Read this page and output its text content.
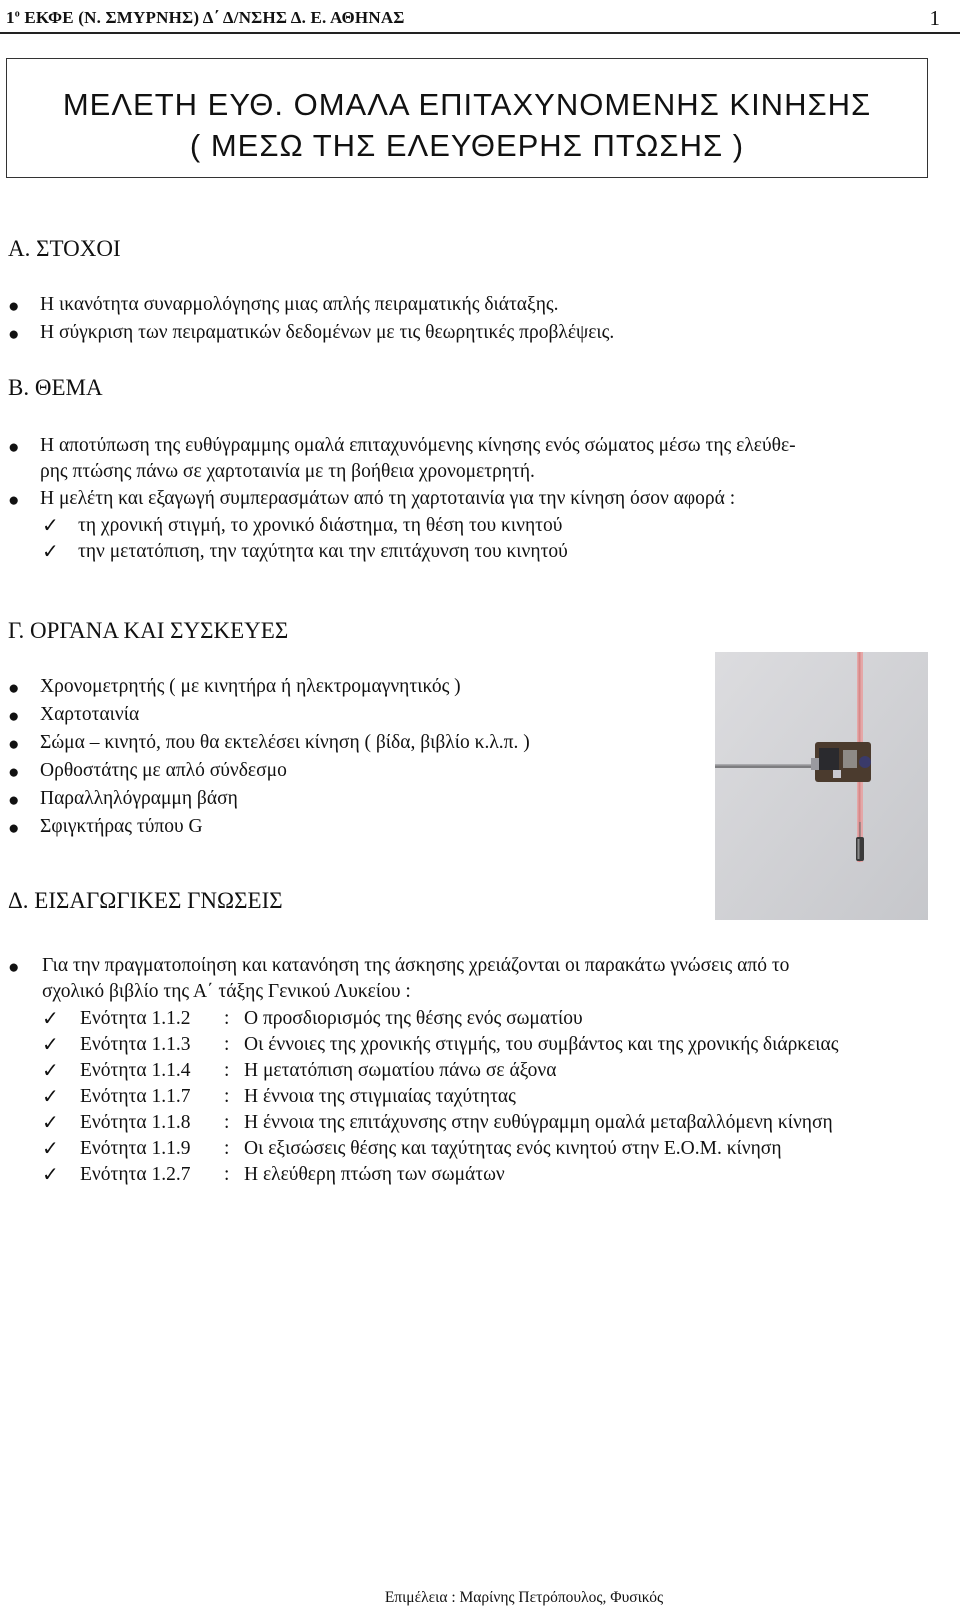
$1^o$ ΕΚΦΕ (Ν. ΣΜΥΡΝΗΣ) Δ΄ Δ/ΝΣΗΣ Δ. Ε. ΑΘΗΝΑΣ	1
ΜΕΛΕΤΗ ΕΥΘ. ΟΜΑΛΑ ΕΠΙΤΑΧΥΝΟΜΕΝΗΣ ΚΙΝΗΣΗΣ
( ΜΕΣΩ ΤΗΣ ΕΛΕΥΘΕΡΗΣ ΠΤΩΣΗΣ )
Α. ΣΤΟΧΟΙ
● Η ικανότητα συναρμολόγησης μιας απλής πειραματικής διάταξης.
● Η σύγκριση των πειραματικών δεδομένων με τις θεωρητικές προβλέψεις.
Β. ΘΕΜΑ
● Η αποτύπωση της ευθύγραμμης ομαλά επιταχυνόμενης κίνησης ενός σώματος μέσω της ελεύθε-
ρης πτώσης πάνω σε χαρτοταινία με τη βοήθεια χρονομετρητή.
● Η μελέτη και εξαγωγή συμπερασμάτων από τη χαρτοταινία για την κίνηση όσον αφορά :
✓ τη χρονική στιγμή, το χρονικό διάστημα, τη θέση του κινητού
✓ την μετατόπιση, την ταχύτητα και την επιτάχυνση του κινητού
Γ. ΟΡΓΑΝΑ ΚΑΙ ΣΥΣΚΕΥΕΣ
● Χρονομετρητής ( με κινητήρα ή ηλεκτρομαγνητικός )
● Χαρτοταινία
● Σώμα – κινητό, που θα εκτελέσει κίνηση ( βίδα, βιβλίο κ.λ.π. )
● Ορθοστάτης με απλό σύνδεσμο
● Παραλληλόγραμμη βάση
● Σφιγκτήρας τύπου G
Δ. ΕΙΣΑΓΩΓΙΚΕΣ ΓΝΩΣΕΙΣ
● Για την πραγματοποίηση και κατανόηση της άσκησης χρειάζονται οι παρακάτω γνώσεις από το
σχολικό βιβλίο της Α΄ τάξης Γενικού Λυκείου :
✓ Ενότητα 1.1.2 : Ο προσδιορισμός της θέσης ενός σωματίου
✓ Ενότητα 1.1.3 : Οι έννοιες της χρονικής στιγμής, του συμβάντος και της χρονικής διάρκειας
✓ Ενότητα 1.1.4 : Η μετατόπιση σωματίου πάνω σε άξονα
✓ Ενότητα 1.1.7 : Η έννοια της στιγμιαίας ταχύτητας
✓ Ενότητα 1.1.8 : Η έννοια της επιτάχυνσης στην ευθύγραμμη ομαλά μεταβαλλόμενη κίνηση
✓ Ενότητα 1.1.9 : Οι εξισώσεις θέσης και ταχύτητας ενός κινητού στην Ε.Ο.Μ. κίνηση
✓ Ενότητα 1.2.7 : Η ελεύθερη πτώση των σωμάτων
Επιμέλεια : Μαρίνης Πετρόπουλος, Φυσικός
